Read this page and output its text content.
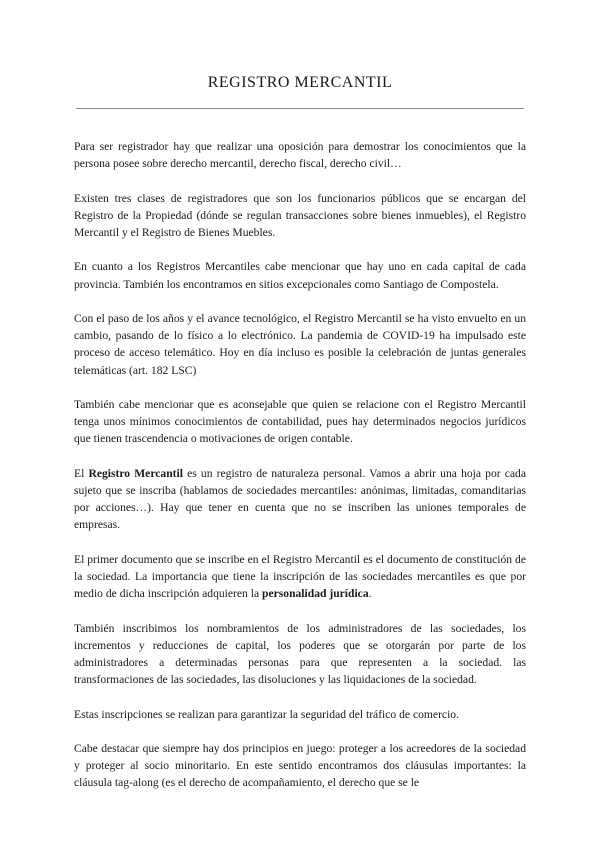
REGISTRO MERCANTIL

Para ser registrador hay que realizar una oposición para demostrar los conocimientos que la persona posee sobre derecho mercantil, derecho fiscal, derecho civil…

Existen tres clases de registradores que son los funcionarios públicos que se encargan del Registro de la Propiedad (dónde se regulan transacciones sobre bienes inmuebles), el Registro Mercantil y el Registro de Bienes Muebles.

En cuanto a los Registros Mercantiles cabe mencionar que hay uno en cada capital de cada provincia. También los encontramos en sitios excepcionales como Santiago de Compostela.

Con el paso de los años y el avance tecnológico, el Registro Mercantil se ha visto envuelto en un cambio, pasando de lo físico a lo electrónico. La pandemia de COVID-19 ha impulsado este proceso de acceso telemático. Hoy en día incluso es posible la celebración de juntas generales telemáticas (art. 182 LSC)

También cabe mencionar que es aconsejable que quien se relacione con el Registro Mercantil tenga unos mínimos conocimientos de contabilidad, pues hay determinados negocios jurídicos que tienen trascendencia o motivaciones de origen contable.

El Registro Mercantil es un registro de naturaleza personal. Vamos a abrir una hoja por cada sujeto que se inscriba (hablamos de sociedades mercantiles: anónimas, limitadas, comanditarias por acciones…). Hay que tener en cuenta que no se inscriben las uniones temporales de empresas.

El primer documento que se inscribe en el Registro Mercantil es el documento de constitución de la sociedad. La importancia que tiene la inscripción de las sociedades mercantiles es que por medio de dicha inscripción adquieren la personalidad jurídica.

También inscribimos los nombramientos de los administradores de las sociedades, los incrementos y reducciones de capital, los poderes que se otorgarán por parte de los administradores a determinadas personas para que representen a la sociedad. las transformaciones de las sociedades, las disoluciones y las liquidaciones de la sociedad.

Estas inscripciones se realizan para garantizar la seguridad del tráfico de comercio.

Cabe destacar que siempre hay dos principios en juego: proteger a los acreedores de la sociedad y proteger al socio minoritario. En este sentido encontramos dos cláusulas importantes: la cláusula tag-along (es el derecho de acompañamiento, el derecho que se le
